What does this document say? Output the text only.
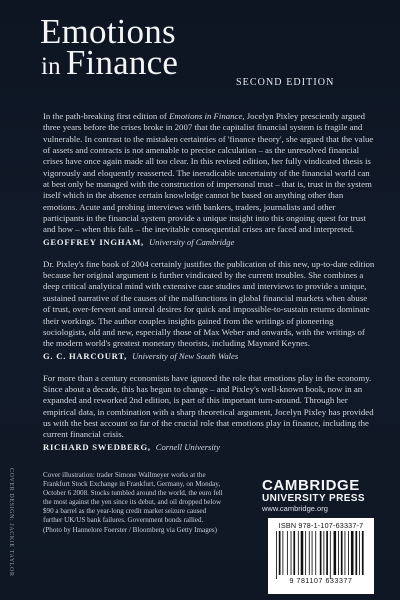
Emotions
in Finance
SECOND EDITION

In the path-breaking first edition of Emotions in Finance, Jocelyn Pixley presciently argued three years before the crises broke in 2007 that the capitalist financial system is fragile and vulnerable. In contrast to the mistaken certainties of 'finance theory', she argued that the value of assets and contracts is not amenable to precise calculation – as the unresolved financial crises have once again made all too clear. In this revised edition, her fully vindicated thesis is vigorously and eloquently reasserted. The ineradicable uncertainty of the financial world can at best only be managed with the construction of impersonal trust – that is, trust in the system itself which in the absence certain knowledge cannot be based on anything other than emotions. Acute and probing interviews with bankers, traders, journalists and other participants in the financial system provide a unique insight into this ongoing quest for trust and how – when this fails – the inevitable consequential crises are faced and interpreted.

GEOFFREY INGHAM, University of Cambridge

Dr. Pixley's fine book of 2004 certainly justifies the publication of this new, up-to-date edition because her original argument is further vindicated by the current troubles. She combines a deep critical analytical mind with extensive case studies and interviews to provide a unique, sustained narrative of the causes of the malfunctions in global financial markets when abuse of trust, over-fervent and unreal desires for quick and impossible-to-sustain returns dominate their workings. The author couples insights gained from the writings of pioneering sociologists, old and new, especially those of Max Weber and onwards, with the writings of the modern world's greatest monetary theorists, including Maynard Keynes.

G. C. HARCOURT, University of New South Wales

For more than a century economists have ignored the role that emotions play in the economy. Since about a decade, this has begun to change – and Pixley's well-known book, now in an expanded and reworked 2nd edition, is part of this important turn-around. Through her empirical data, in combination with a sharp theoretical argument, Jocelyn Pixley has provided us with the best account so far of the crucial role that emotions play in finance, including the current financial crisis.

RICHARD SWEDBERG, Cornell University
COVER DESIGN: JACKIE TAYLOR	Cover illustration: trader Simone Wallmeyer works at the Frankfurt Stock Exchange in Frankfurt, Germany, on Monday, October 6 2008. Stocks tumbled around the world, the euro fell the most against the yen since its debut, and oil dropped below $90 a barrel as the year-long credit market seizure caused further UK/US bank failures. Government bonds rallied. (Photo by Hannelore Foerster / Bloomberg via Getty Images)

CAMBRIDGE
UNIVERSITY PRESS
www.cambridge.org
ISBN 978-1-107-63337-7
9 781107 633377
